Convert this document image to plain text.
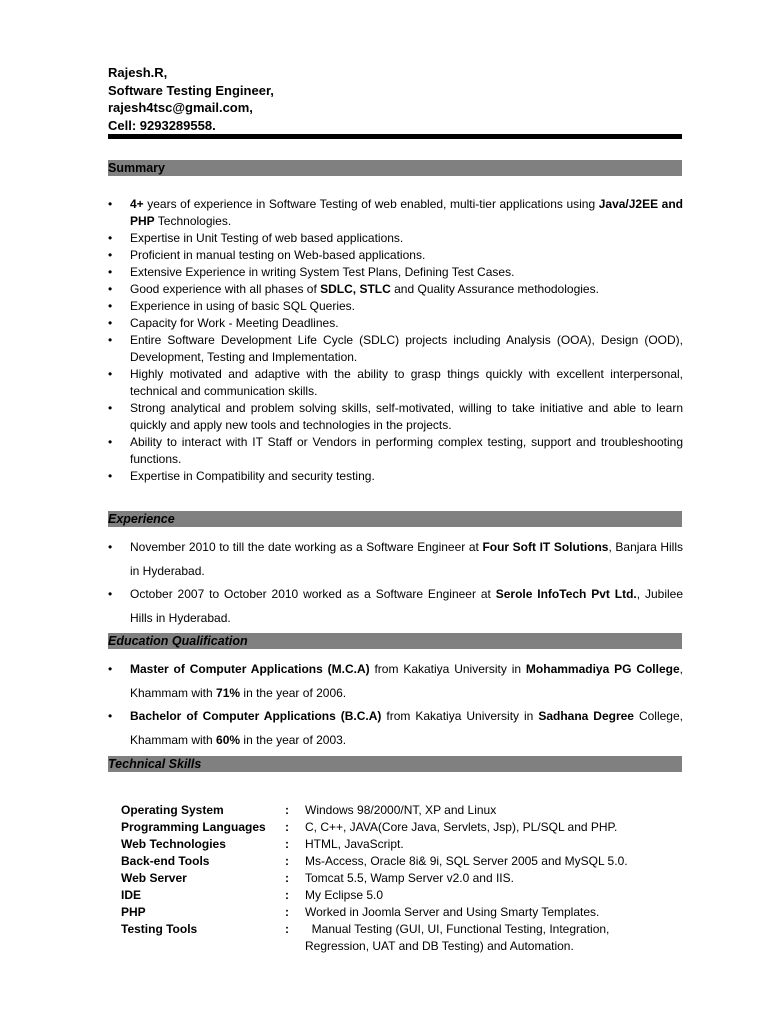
Rajesh.R,
Software Testing Engineer,
rajesh4tsc@gmail.com,
Cell: 9293289558.
Summary
• 4+ years of experience in Software Testing of web enabled, multi-tier applications using Java/J2EE and PHP Technologies.
• Expertise in Unit Testing of web based applications.
• Proficient in manual testing on Web-based applications.
• Extensive Experience in writing System Test Plans, Defining Test Cases.
• Good experience with all phases of SDLC, STLC and Quality Assurance methodologies.
• Experience in using of basic SQL Queries.
• Capacity for Work - Meeting Deadlines.
• Entire Software Development Life Cycle (SDLC) projects including Analysis (OOA), Design (OOD), Development, Testing and Implementation.
• Highly motivated and adaptive with the ability to grasp things quickly with excellent interpersonal, technical and communication skills.
• Strong analytical and problem solving skills, self-motivated, willing to take initiative and able to learn quickly and apply new tools and technologies in the projects.
• Ability to interact with IT Staff or Vendors in performing complex testing, support and troubleshooting functions.
• Expertise in Compatibility and security testing.
Experience
• November 2010 to till the date working as a Software Engineer at Four Soft IT Solutions, Banjara Hills in Hyderabad.
• October 2007 to October 2010 worked as a Software Engineer at Serole InfoTech Pvt Ltd., Jubilee Hills in Hyderabad.
Education Qualification
• Master of Computer Applications (M.C.A) from Kakatiya University in Mohammadiya PG College, Khammam with 71% in the year of 2006.
• Bachelor of Computer Applications (B.C.A) from Kakatiya University in Sadhana Degree College, Khammam with 60% in the year of 2003.
Technical Skills
Operating System	:	Windows 98/2000/NT, XP and Linux
Programming Languages	:	C, C++, JAVA(Core Java, Servlets, Jsp), PL/SQL and PHP.
Web Technologies	:	HTML, JavaScript.
Back-end Tools	:	Ms-Access, Oracle 8i& 9i, SQL Server 2005 and MySQL 5.0.
Web Server	:	Tomcat 5.5, Wamp Server v2.0 and IIS.
IDE	:	My Eclipse 5.0
PHP	:	Worked in Joomla Server and Using Smarty Templates.
Testing Tools	:	Manual Testing (GUI, UI, Functional Testing, Integration, Regression, UAT and DB Testing) and Automation.
